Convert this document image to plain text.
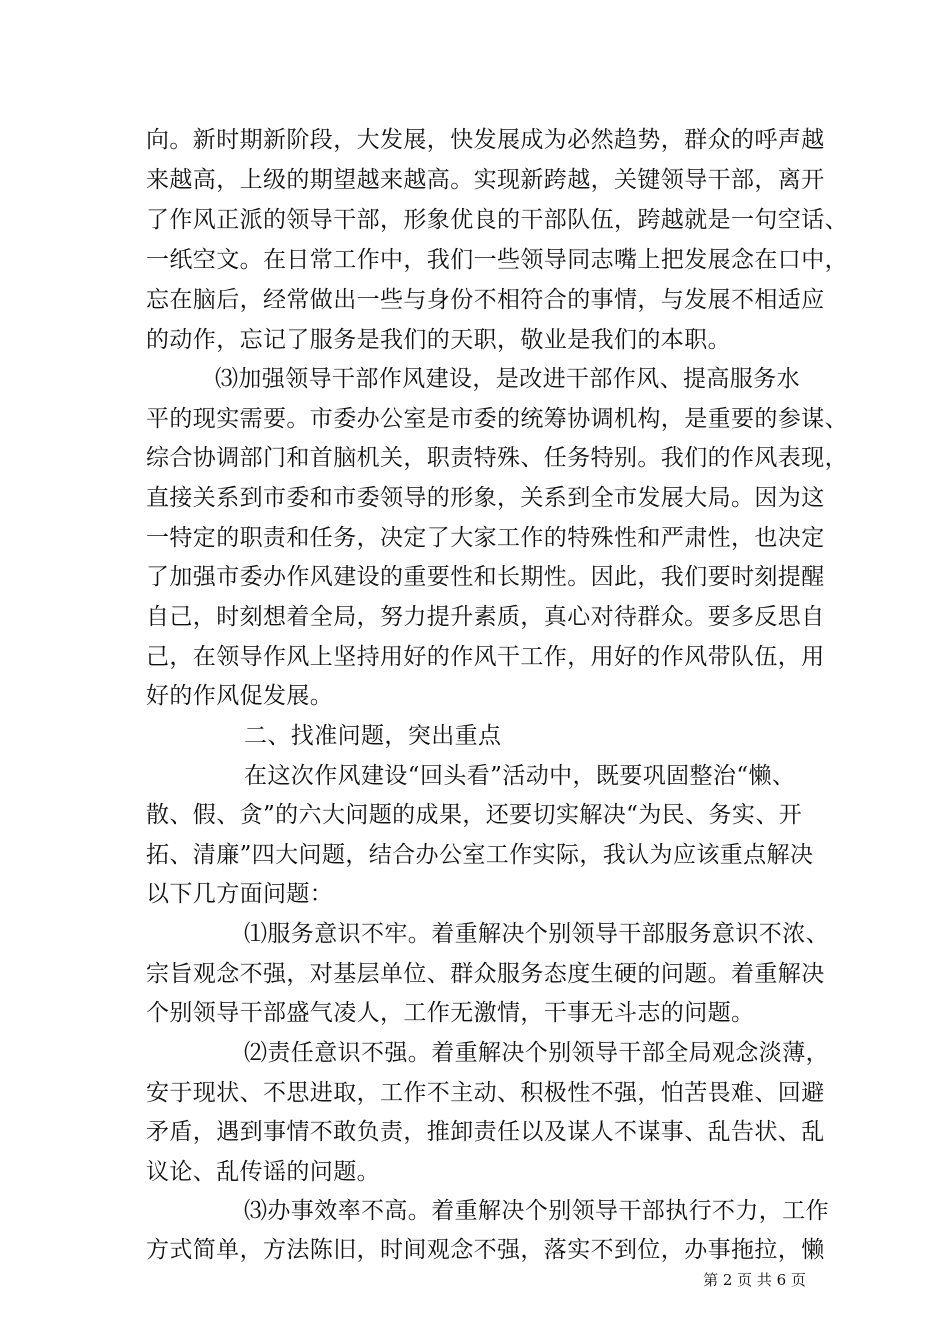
向。新时期新阶段，大发展，快发展成为必然趋势，群众的呼声越
来越高，上级的期望越来越高。实现新跨越，关键领导干部，离开
了作风正派的领导干部，形象优良的干部队伍，跨越就是一句空话、
一纸空文。在日常工作中，我们一些领导同志嘴上把发展念在口中，
忘在脑后，经常做出一些与身份不相符合的事情，与发展不相适应
的动作，忘记了服务是我们的天职，敬业是我们的本职。
⑶加强领导干部作风建设，是改进干部作风、提高服务水
平的现实需要。市委办公室是市委的统筹协调机构，是重要的参谋、
综合协调部门和首脑机关，职责特殊、任务特别。我们的作风表现，
直接关系到市委和市委领导的形象，关系到全市发展大局。因为这
一特定的职责和任务，决定了大家工作的特殊性和严肃性，也决定
了加强市委办作风建设的重要性和长期性。因此，我们要时刻提醒
自己，时刻想着全局，努力提升素质，真心对待群众。要多反思自
己，在领导作风上坚持用好的作风干工作，用好的作风带队伍，用
好的作风促发展。
二、找准问题，突出重点
在这次作风建设“回头看”活动中，既要巩固整治“懒、
散、假、贪”的六大问题的成果，还要切实解决“为民、务实、开
拓、清廉”四大问题，结合办公室工作实际，我认为应该重点解决
以下几方面问题：
⑴服务意识不牢。着重解决个别领导干部服务意识不浓、
宗旨观念不强，对基层单位、群众服务态度生硬的问题。着重解决
个别领导干部盛气凌人，工作无激情，干事无斗志的问题。
⑵责任意识不强。着重解决个别领导干部全局观念淡薄，
安于现状、不思进取，工作不主动、积极性不强，怕苦畏难、回避
矛盾，遇到事情不敢负责，推卸责任以及谋人不谋事、乱告状、乱
议论、乱传谣的问题。
⑶办事效率不高。着重解决个别领导干部执行不力，工作
方式简单，方法陈旧，时间观念不强，落实不到位，办事拖拉，懒
第 2 页 共 6 页
